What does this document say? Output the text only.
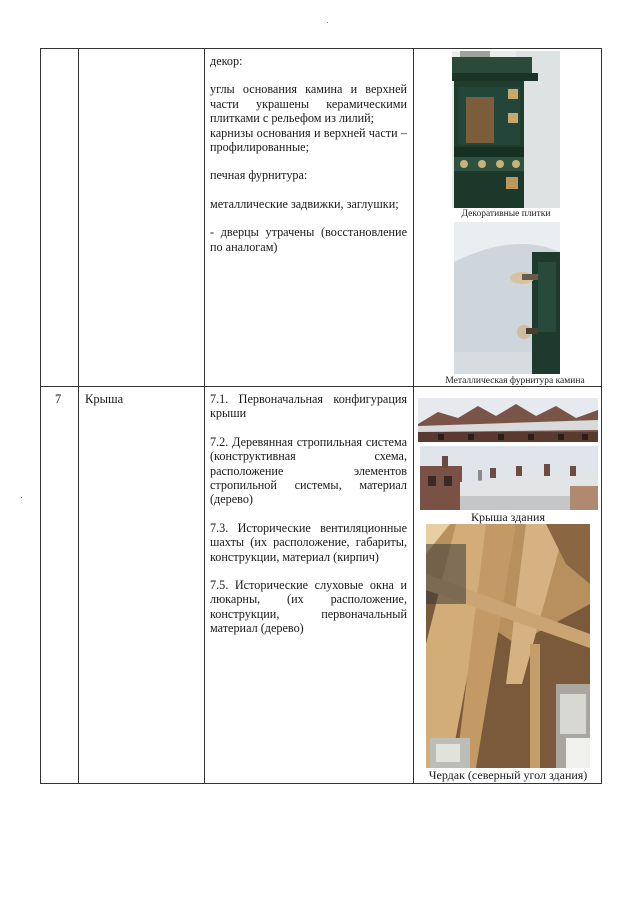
декор:

углы основания камина и верхней части украшены керамическими плитками с рельефом из лилий;

карнизы основания и верхней части – профилированные;

печная фурнитура:

металлические задвижки, заглушки;

- дверцы утрачены (восстановление по аналогам)

Декоративные плитки
Металлическая фурнитура камина
7 Крыша	7.1. Первоначальная конфигурация крыши

7.2. Деревянная стропильная система (конструктивная схема, расположение элементов стропильной системы, материал (дерево)

7.3. Исторические вентиляционные шахты (их расположение, габариты, конструкции, материал (кирпич)

7.5. Исторические слуховые окна и люкарны, (их расположение, конструкции, первоначальный материал (дерево)

Крыша здания
Чердак (северный угол здания)
